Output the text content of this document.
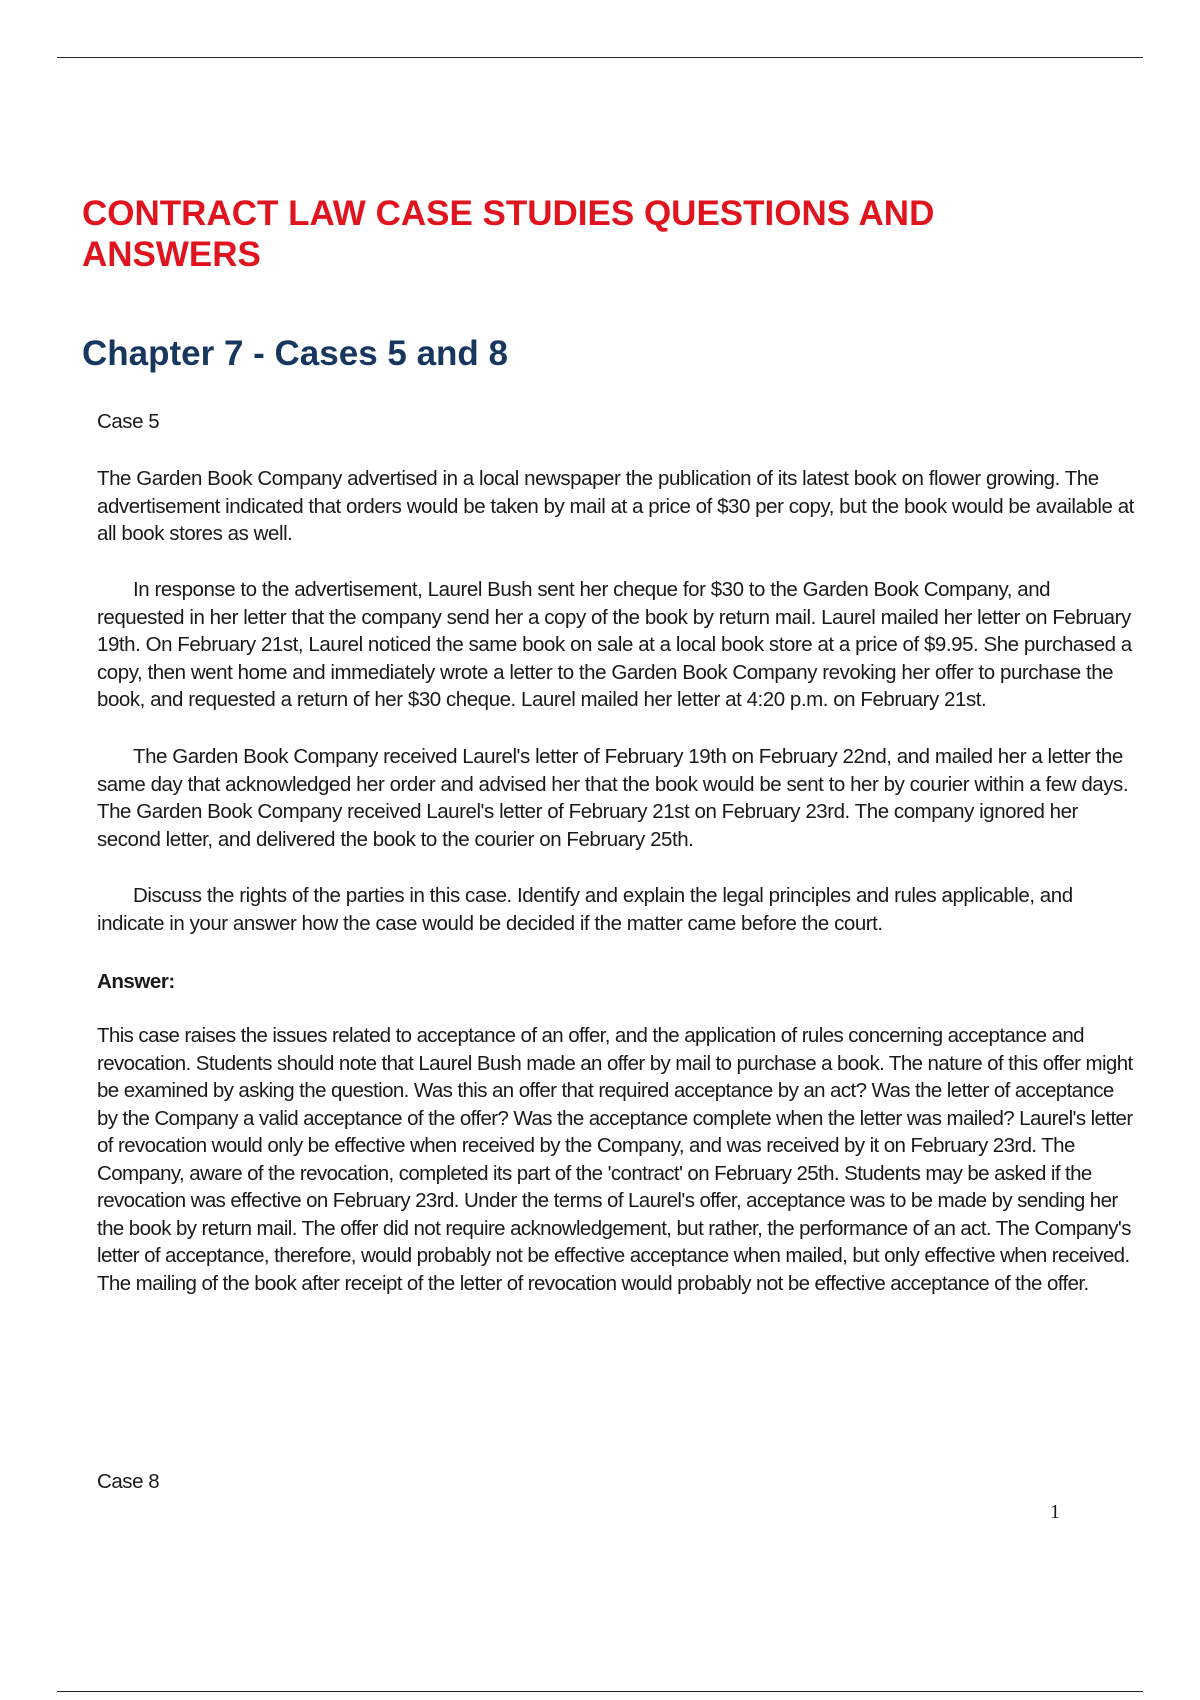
CONTRACT LAW CASE STUDIES QUESTIONS AND ANSWERS
Chapter 7 - Cases 5 and 8
Case 5

The Garden Book Company advertised in a local newspaper the publication of its latest book on flower growing. The advertisement indicated that orders would be taken by mail at a price of $30 per copy, but the book would be available at all book stores as well.

In response to the advertisement, Laurel Bush sent her cheque for $30 to the Garden Book Company, and requested in her letter that the company send her a copy of the book by return mail. Laurel mailed her letter on February 19th. On February 21st, Laurel noticed the same book on sale at a local book store at a price of $9.95. She purchased a copy, then went home and immediately wrote a letter to the Garden Book Company revoking her offer to purchase the book, and requested a return of her $30 cheque. Laurel mailed her letter at 4:20 p.m. on February 21st.

The Garden Book Company received Laurel's letter of February 19th on February 22nd, and mailed her a letter the same day that acknowledged her order and advised her that the book would be sent to her by courier within a few days. The Garden Book Company received Laurel's letter of February 21st on February 23rd. The company ignored her second letter, and delivered the book to the courier on February 25th.

Discuss the rights of the parties in this case. Identify and explain the legal principles and rules applicable, and indicate in your answer how the case would be decided if the matter came before the court.

Answer:

This case raises the issues related to acceptance of an offer, and the application of rules concerning acceptance and revocation. Students should note that Laurel Bush made an offer by mail to purchase a book. The nature of this offer might be examined by asking the question. Was this an offer that required acceptance by an act? Was the letter of acceptance by the Company a valid acceptance of the offer? Was the acceptance complete when the letter was mailed? Laurel's letter of revocation would only be effective when received by the Company, and was received by it on February 23rd. The Company, aware of the revocation, completed its part of the 'contract' on February 25th. Students may be asked if the revocation was effective on February 23rd. Under the terms of Laurel's offer, acceptance was to be made by sending her the book by return mail. The offer did not require acknowledgement, but rather, the performance of an act. The Company's letter of acceptance, therefore, would probably not be effective acceptance when mailed, but only effective when received. The mailing of the book after receipt of the letter of revocation would probably not be effective acceptance of the offer.

Case 8
1
